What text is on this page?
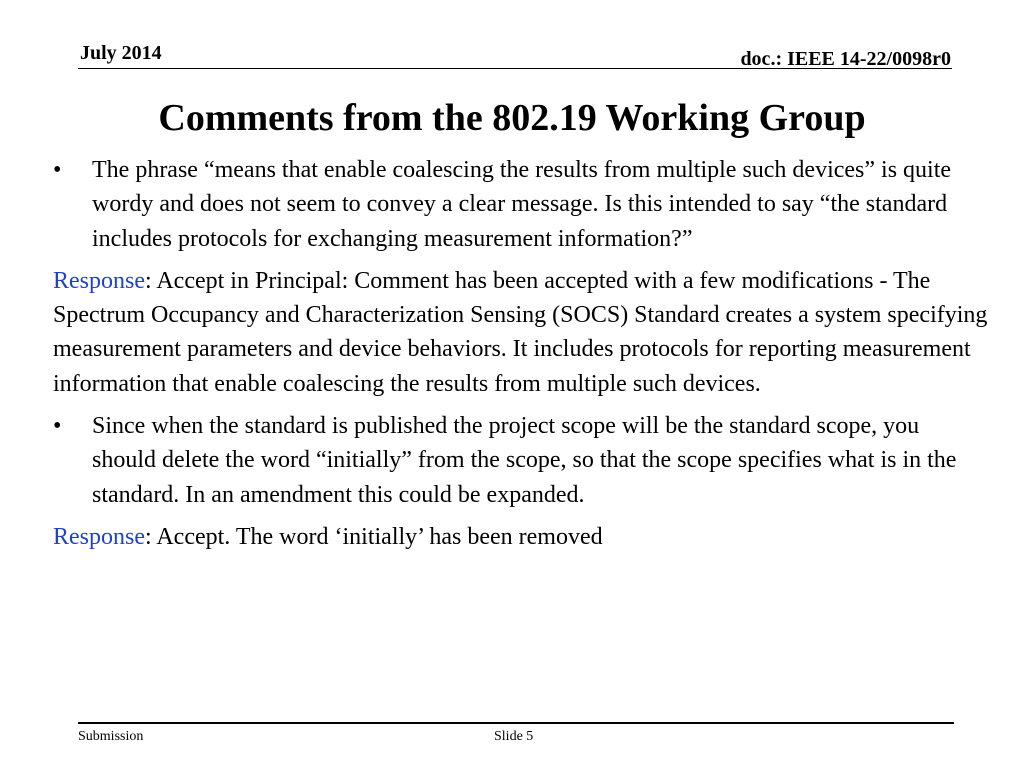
July 2014	doc.: IEEE 14-22/0098r0
Comments from the 802.19 Working Group
• The phrase “means that enable coalescing the results from multiple such devices” is quite wordy and does not seem to convey a clear message. Is this intended to say “the standard includes protocols for exchanging measurement information?”
Response: Accept in Principal: Comment has been accepted with a few modifications - The Spectrum Occupancy and Characterization Sensing (SOCS) Standard creates a system specifying measurement parameters and device behaviors. It includes protocols for reporting measurement information that enable coalescing the results from multiple such devices.
• Since when the standard is published the project scope will be the standard scope, you should delete the word “initially” from the scope, so that the scope specifies what is in the standard. In an amendment this could be expanded.
Response: Accept. The word ‘initially’ has been removed
Submission	Slide 5
